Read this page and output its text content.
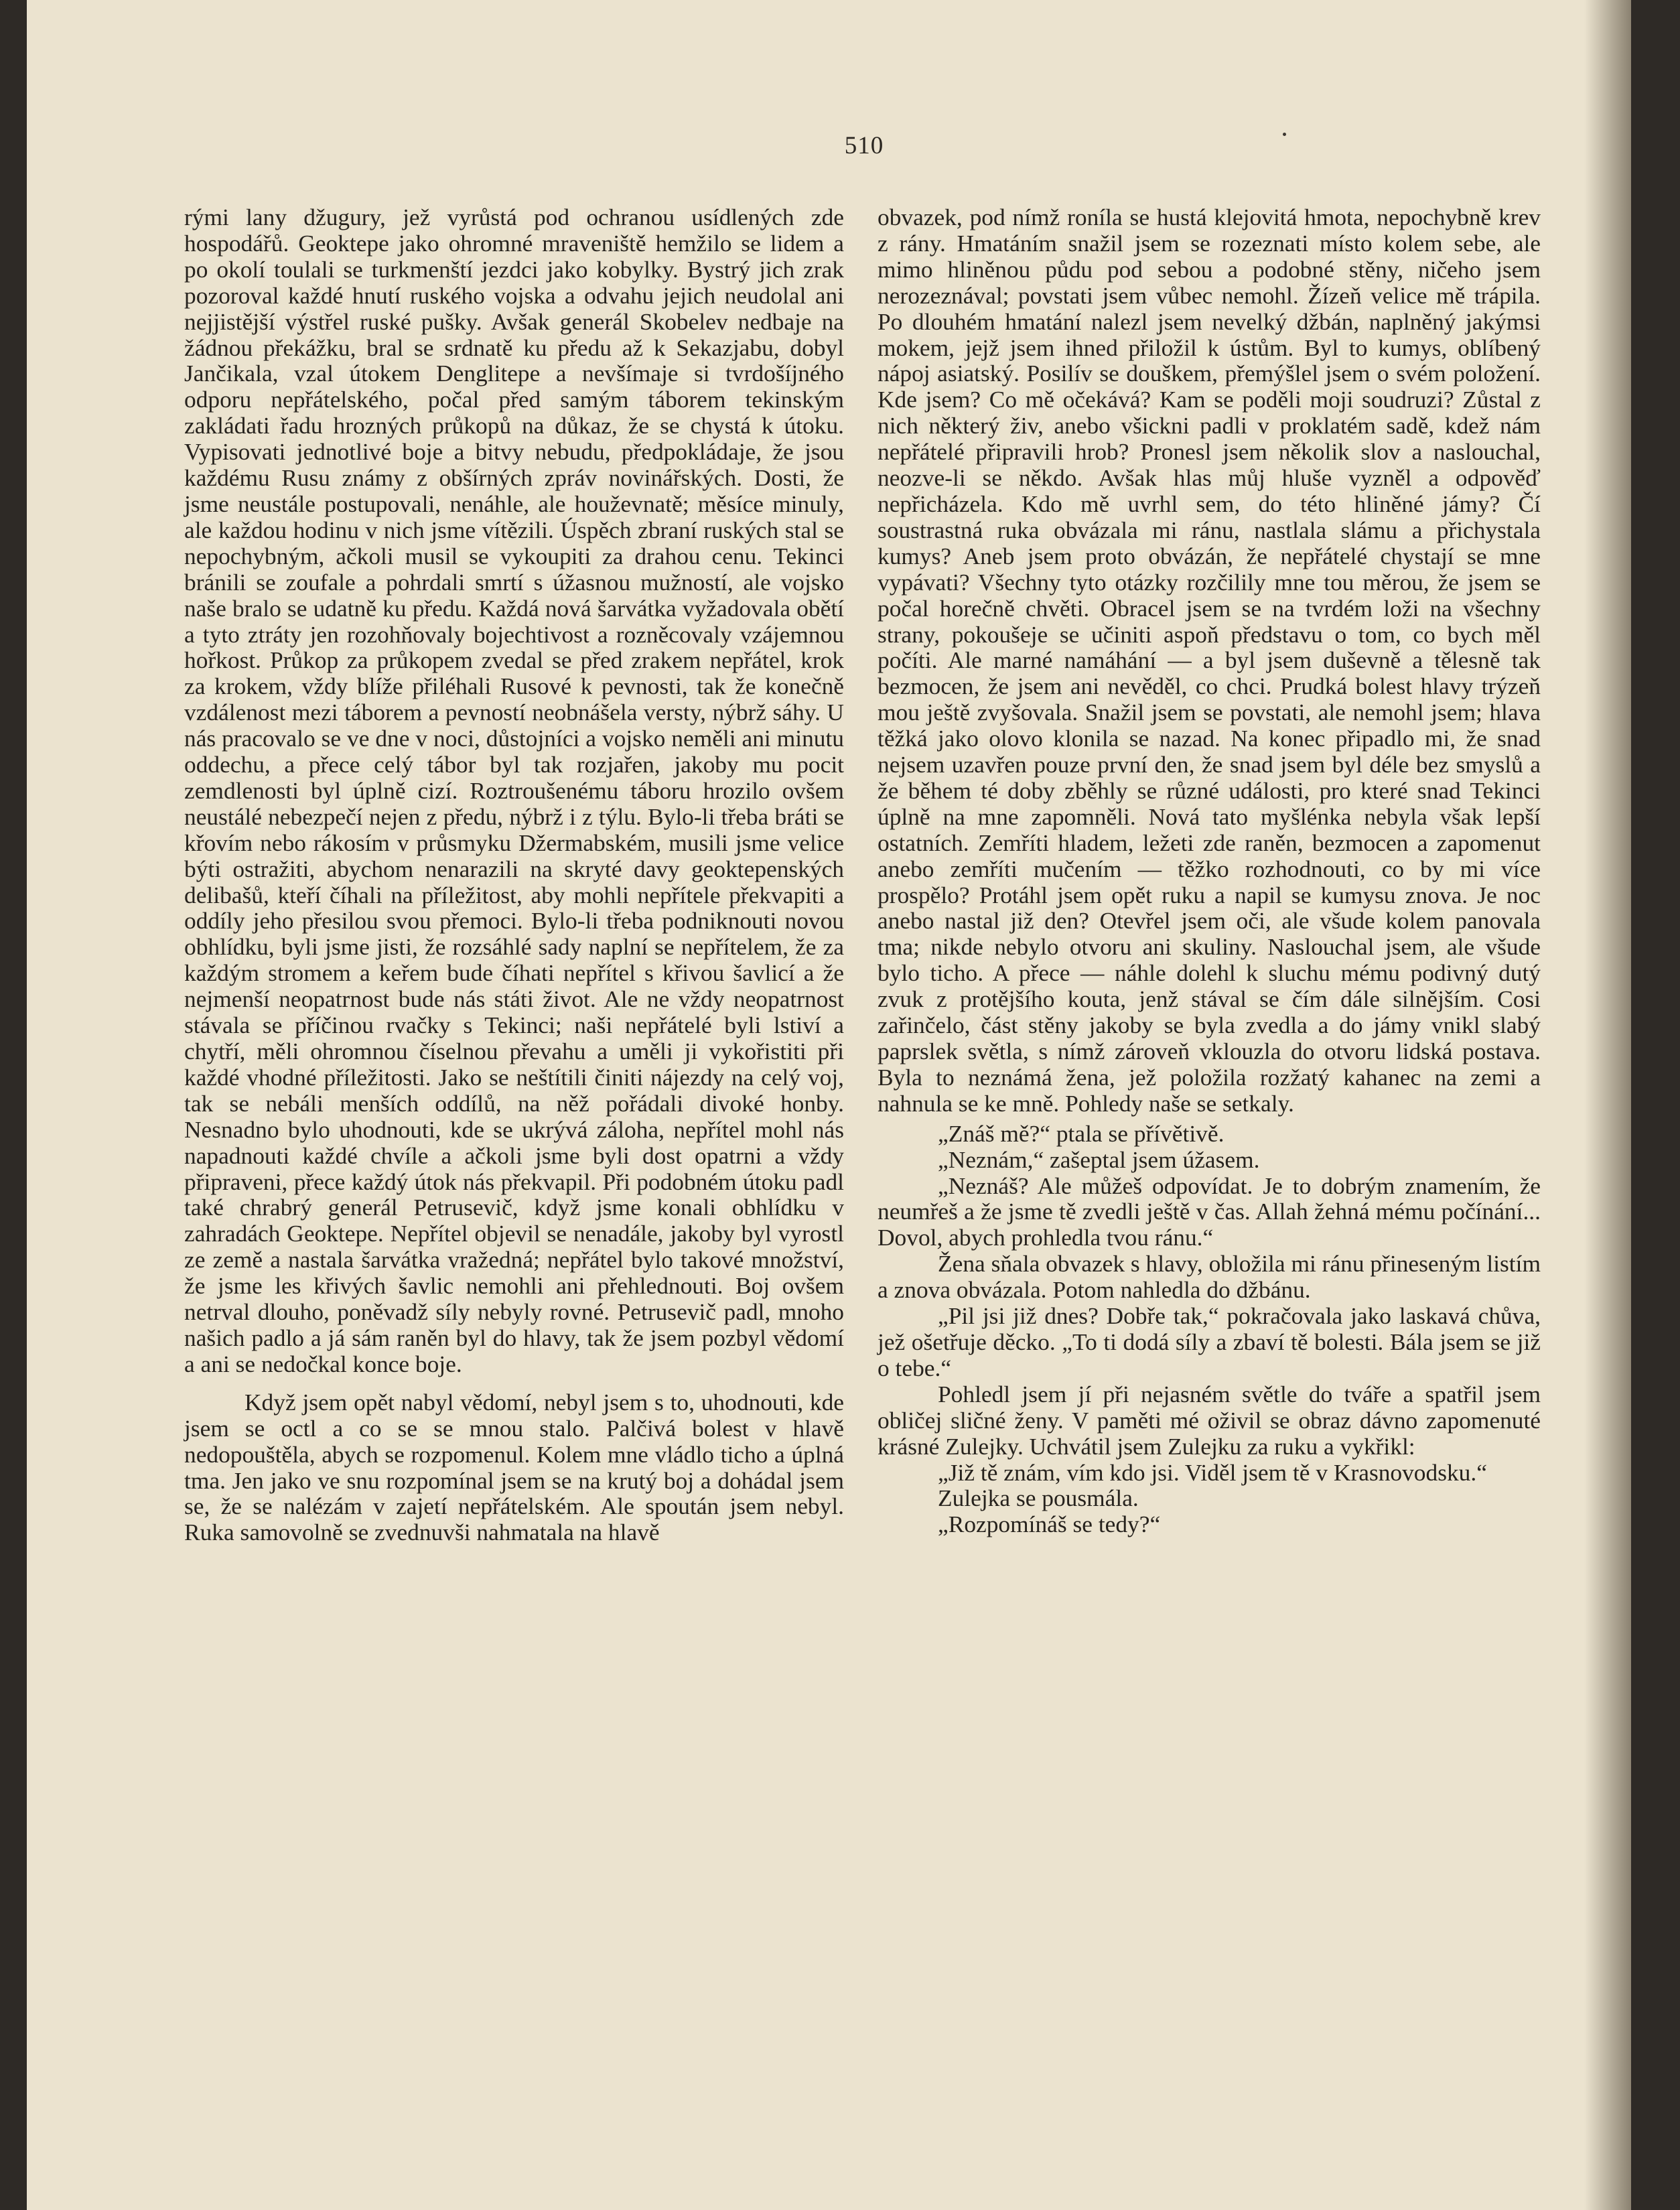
510

rými lany džugury, jež vyrůstá pod ochranou usídlených zde hospodářů. Geoktepe jako ohromné mraveniště hemžilo se lidem a po okolí toulali se turkmenští jezdci jako kobylky. Bystrý jich zrak pozoroval každé hnutí ruského vojska a odvahu jejich neudolal ani nejjistější výstřel ruské pušky. Avšak generál Skobelev nedbaje na žádnou překážku, bral se srdnatě ku předu až k Sekazjabu, dobyl Jančikala, vzal útokem Denglitepe a nevšímaje si tvrdošíjného odporu nepřátelského, počal před samým táborem tekinským zakládati řadu hrozných průkopů na důkaz, že se chystá k útoku. Vypisovati jednotlivé boje a bitvy nebudu, předpokládaje, že jsou každému Rusu známy z obšírných zpráv novinářských. Dosti, že jsme neustále postupovali, nenáhle, ale houževnatě; měsíce minuly, ale každou hodinu v nich jsme vítězili. Úspěch zbraní ruských stal se nepochybným, ačkoli musil se vykoupiti za drahou cenu. Tekinci bránili se zoufale a pohrdali smrtí s úžasnou mužností, ale vojsko naše bralo se udatně ku předu. Každá nová šarvátka vyžadovala obětí a tyto ztráty jen rozohňovaly bojechtivost a rozněcovaly vzájemnou hořkost. Průkop za průkopem zvedal se před zrakem nepřátel, krok za krokem, vždy blíže přiléhali Rusové k pevnosti, tak že konečně vzdálenost mezi táborem a pevností neobnášela versty, nýbrž sáhy. U nás pracovalo se ve dne v noci, důstojníci a vojsko neměli ani minutu oddechu, a přece celý tábor byl tak rozjařen, jakoby mu pocit zemdlenosti byl úplně cizí. Roztroušenému táboru hrozilo ovšem neustálé nebezpečí nejen z předu, nýbrž i z týlu. Bylo-li třeba bráti se křovím nebo rákosím v průsmyku Džermabském, musili jsme velice býti ostražiti, abychom nenarazili na skryté davy geoktepenských delibašů, kteří číhali na příležitost, aby mohli nepřítele překvapiti a oddíly jeho přesilou svou přemoci. Bylo-li třeba podniknouti novou obhlídku, byli jsme jisti, že rozsáhlé sady naplní se nepřítelem, že za každým stromem a keřem bude číhati nepřítel s křivou šavlicí a že nejmenší neopatrnost bude nás státi život. Ale ne vždy neopatrnost stávala se příčinou rvačky s Tekinci; naši nepřátelé byli lstiví a chytří, měli ohromnou číselnou převahu a uměli ji vykořistiti při každé vhodné příležitosti. Jako se neštítili činiti nájezdy na celý voj, tak se nebáli menších oddílů, na něž pořádali divoké honby. Nesnadno bylo uhodnouti, kde se ukrývá záloha, nepřítel mohl nás napadnouti každé chvíle a ačkoli jsme byli dost opatrni a vždy připraveni, přece každý útok nás překvapil. Při podobném útoku padl také chrabrý generál Petrusevič, když jsme konali obhlídku v zahradách Geoktepe. Nepřítel objevil se nenadále, jakoby byl vyrostl ze země a nastala šarvátka vražedná; nepřátel bylo takové množství, že jsme les křivých šavlic nemohli ani přehlednouti. Boj ovšem netrval dlouho, poněvadž síly nebyly rovné. Petrusevič padl, mnoho našich padlo a já sám raněn byl do hlavy, tak že jsem pozbyl vědomí a ani se nedočkal konce boje.

Když jsem opět nabyl vědomí, nebyl jsem s to, uhodnouti, kde jsem se octl a co se se mnou stalo. Palčivá bolest v hlavě nedopouštěla, abych se rozpomenul. Kolem mne vládlo ticho a úplná tma. Jen jako ve snu rozpomínal jsem se na krutý boj a dohádal jsem se, že se nalézám v zajetí nepřátelském. Ale spoután jsem nebyl. Ruka samovolně se zvednuvši nahmatala na hlavě

obvazek, pod nímž roníla se hustá klejovitá hmota, nepochybně krev z rány. Hmatáním snažil jsem se rozeznati místo kolem sebe, ale mimo hliněnou půdu pod sebou a podobné stěny, ničeho jsem nerozeznával; povstati jsem vůbec nemohl. Žízeň velice mě trápila. Po dlouhém hmatání nalezl jsem nevelký džbán, naplněný jakýmsi mokem, jejž jsem ihned přiložil k ústům. Byl to kumys, oblíbený nápoj asiatský. Posilív se douškem, přemýšlel jsem o svém položení. Kde jsem? Co mě očekává? Kam se poděli moji soudruzi? Zůstal z nich některý živ, anebo všickni padli v proklatém sadě, kdež nám nepřátelé připravili hrob? Pronesl jsem několik slov a naslouchal, neozve-li se někdo. Avšak hlas můj hluše vyzněl a odpověď nepřicházela. Kdo mě uvrhl sem, do této hliněné jámy? Čí soustrastná ruka obvázala mi ránu, nastlala slámu a přichystala kumys? Aneb jsem proto obvázán, že nepřátelé chystají se mne vypávati? Všechny tyto otázky rozčilily mne tou měrou, že jsem se počal horečně chvěti. Obracel jsem se na tvrdém loži na všechny strany, pokoušeje se učiniti aspoň představu o tom, co bych měl počíti. Ale marné namáhání — a byl jsem duševně a tělesně tak bezmocen, že jsem ani nevěděl, co chci. Prudká bolest hlavy trýzeň mou ještě zvyšovala. Snažil jsem se povstati, ale nemohl jsem; hlava těžká jako olovo klonila se nazad. Na konec připadlo mi, že snad nejsem uzavřen pouze první den, že snad jsem byl déle bez smyslů a že během té doby zběhly se různé události, pro které snad Tekinci úplně na mne zapomněli. Nová tato myšlénka nebyla však lepší ostatních. Zemříti hladem, ležeti zde raněn, bezmocen a zapomenut anebo zemříti mučením — těžko rozhodnouti, co by mi více prospělo? Protáhl jsem opět ruku a napil se kumysu znova. Je noc anebo nastal již den? Otevřel jsem oči, ale všude kolem panovala tma; nikde nebylo otvoru ani skuliny. Naslouchal jsem, ale všude bylo ticho. A přece — náhle dolehl k sluchu mému podivný dutý zvuk z protějšího kouta, jenž stával se čím dále silnějším. Cosi zařinčelo, část stěny jakoby se byla zvedla a do jámy vnikl slabý paprslek světla, s nímž zároveň vklouzla do otvoru lidská postava. Byla to neznámá žena, jež položila rozžatý kahanec na zemi a nahnula se ke mně. Pohledy naše se setkaly.

„Znáš mě?“ ptala se přívětivě.

„Neznám,“ zašeptal jsem úžasem.

„Neznáš? Ale můžeš odpovídat. Je to dobrým znamením, že neumřeš a že jsme tě zvedli ještě v čas. Allah žehná mému počínání... Dovol, abych prohledla tvou ránu.“

Žena sňala obvazek s hlavy, obložila mi ránu přineseným listím a znova obvázala. Potom nahledla do džbánu.

„Pil jsi již dnes? Dobře tak,“ pokračovala jako laskavá chůva, jež ošetřuje děcko. „To ti dodá síly a zbaví tě bolesti. Bála jsem se již o tebe.“

Pohledl jsem jí při nejasném světle do tváře a spatřil jsem obličej sličné ženy. V paměti mé oživil se obraz dávno zapomenuté krásné Zulejky. Uchvátil jsem Zulejku za ruku a vykřikl:

„Již tě znám, vím kdo jsi. Viděl jsem tě v Krasnovodsku.“

Zulejka se pousmála.

„Rozpomínáš se tedy?“
